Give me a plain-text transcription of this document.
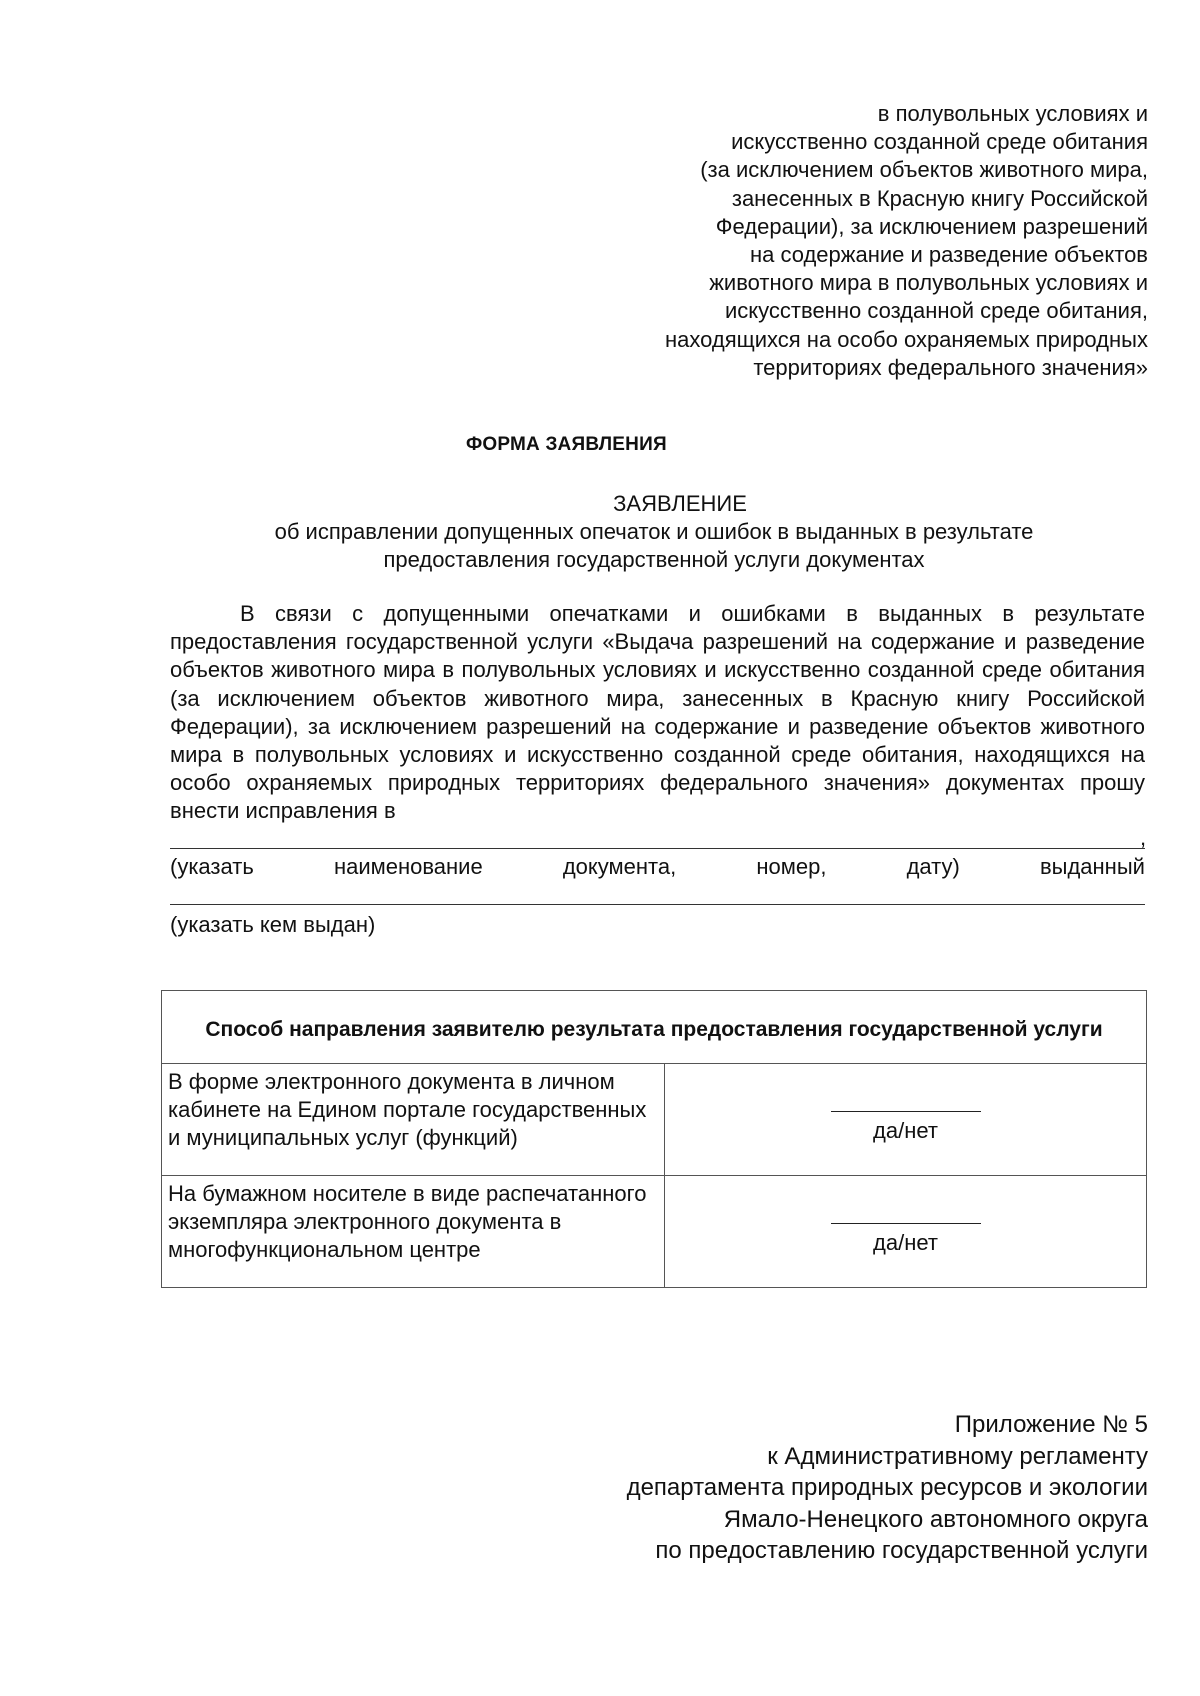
в полувольных условиях и
искусственно созданной среде обитания
(за исключением объектов животного мира,
занесенных в Красную книгу Российской
Федерации), за исключением разрешений
на содержание и разведение объектов
животного мира в полувольных условиях и
искусственно созданной среде обитания,
находящихся на особо охраняемых природных
территориях федерального значения»
ФОРМА ЗАЯВЛЕНИЯ
ЗАЯВЛЕНИЕ
об исправлении допущенных опечаток и ошибок в выданных в результате
предоставления государственной услуги документах
В связи с допущенными опечатками и ошибками в выданных в результате предоставления государственной услуги «Выдача разрешений на содержание и разведение объектов животного мира в полувольных условиях и искусственно созданной среде обитания (за исключением объектов животного мира, занесенных в Красную книгу Российской Федерации), за исключением разрешений на содержание и разведение объектов животного мира в полувольных условиях и искусственно созданной среде обитания, находящихся на особо охраняемых природных территориях федерального значения» документах прошу внести исправления в
,
(указать	наименование	документа,	номер,	дату)	выданный
(указать кем выдан)
Способ направления заявителю результата предоставления государственной услуги	
В форме электронного документа в личном кабинете на Едином портале государственных и муниципальных услуг (функций)	да/нет

На бумажном носителе в виде распечатанного экземпляра электронного документа в многофункциональном центре	да/нет
Приложение № 5
к Административному регламенту
департамента природных ресурсов и экологии
Ямало-Ненецкого автономного округа
по предоставлению государственной услуги
